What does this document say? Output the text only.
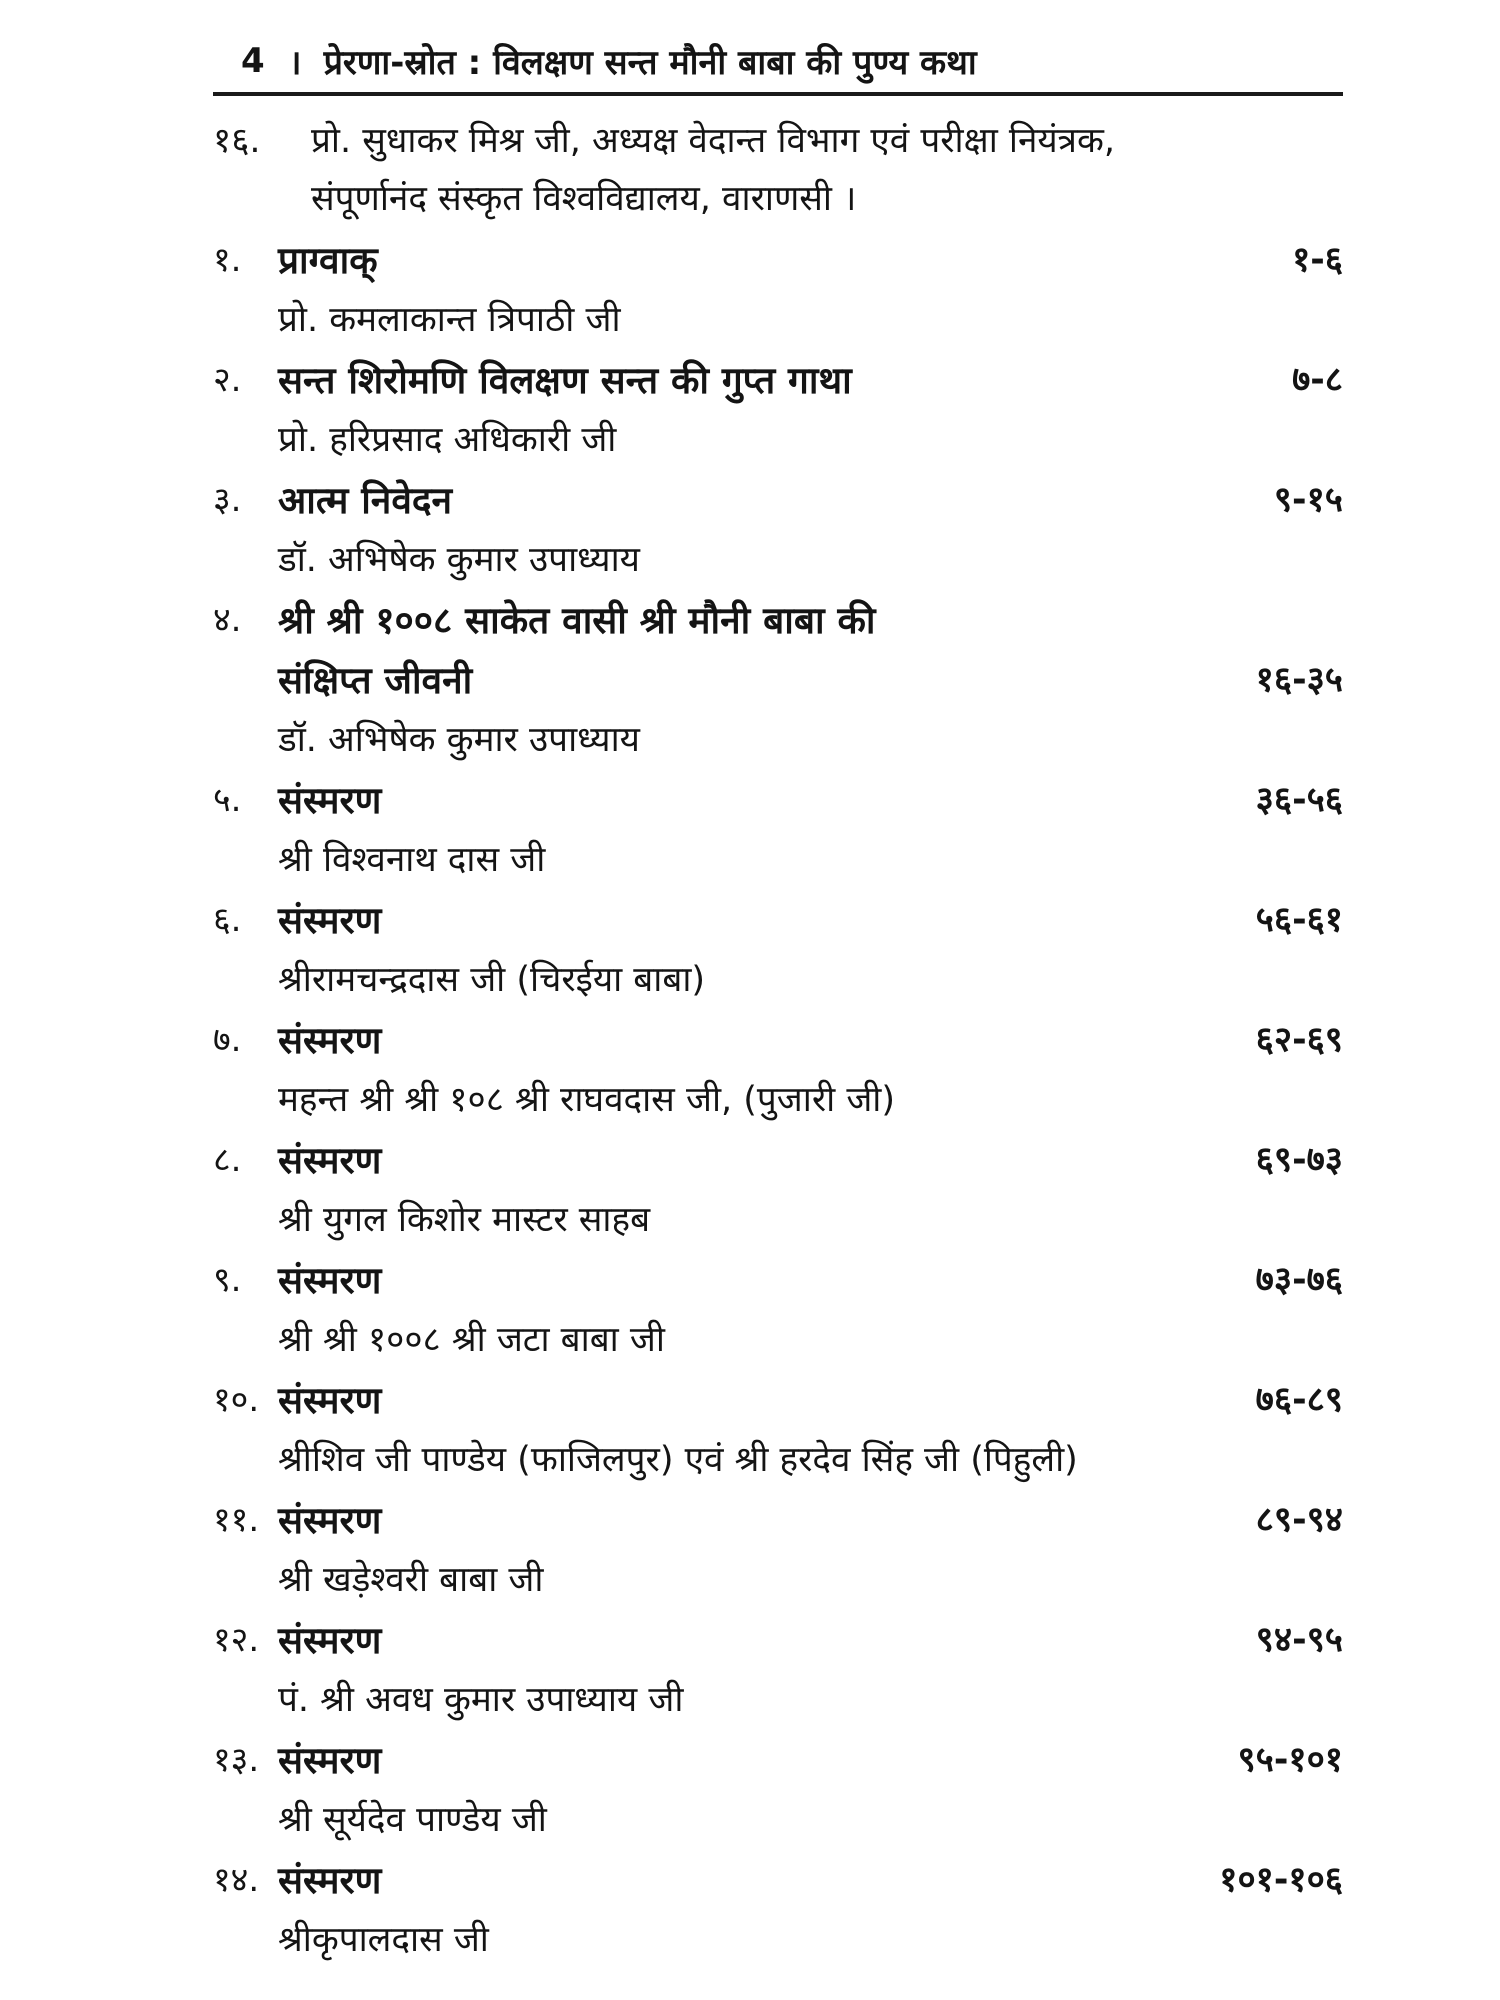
4 । प्रेरणा-स्रोत : विलक्षण सन्त मौनी बाबा की पुण्य कथा
१६. प्रो. सुधाकर मिश्र जी, अध्यक्ष वेदान्त विभाग एवं परीक्षा नियंत्रक,
संपूर्णानंद संस्कृत विश्वविद्यालय, वाराणसी ।
१. प्राग्वाक्	१-६
प्रो. कमलाकान्त त्रिपाठी जी
२. सन्त शिरोमणि विलक्षण सन्त की गुप्त गाथा	७-८
प्रो. हरिप्रसाद अधिकारी जी
३. आत्म निवेदन	९-१५
डॉ. अभिषेक कुमार उपाध्याय
४. श्री श्री १००८ साकेत वासी श्री मौनी बाबा की
संक्षिप्त जीवनी	१६-३५
डॉ. अभिषेक कुमार उपाध्याय
५. संस्मरण	३६-५६
श्री विश्वनाथ दास जी
६. संस्मरण	५६-६१
श्रीरामचन्द्रदास जी (चिरईया बाबा)
७. संस्मरण	६२-६९
महन्त श्री श्री १०८ श्री राघवदास जी, (पुजारी जी)
८. संस्मरण	६९-७३
श्री युगल किशोर मास्टर साहब
९. संस्मरण	७३-७६
श्री श्री १००८ श्री जटा बाबा जी
१०. संस्मरण	७६-८९
श्रीशिव जी पाण्डेय (फाजिलपुर) एवं श्री हरदेव सिंह जी (पिहुली)
११. संस्मरण	८९-९४
श्री खड़ेश्वरी बाबा जी
१२. संस्मरण	९४-९५
पं. श्री अवध कुमार उपाध्याय जी
१३. संस्मरण	९५-१०१
श्री सूर्यदेव पाण्डेय जी
१४. संस्मरण	१०१-१०६
श्रीकृपालदास जी
